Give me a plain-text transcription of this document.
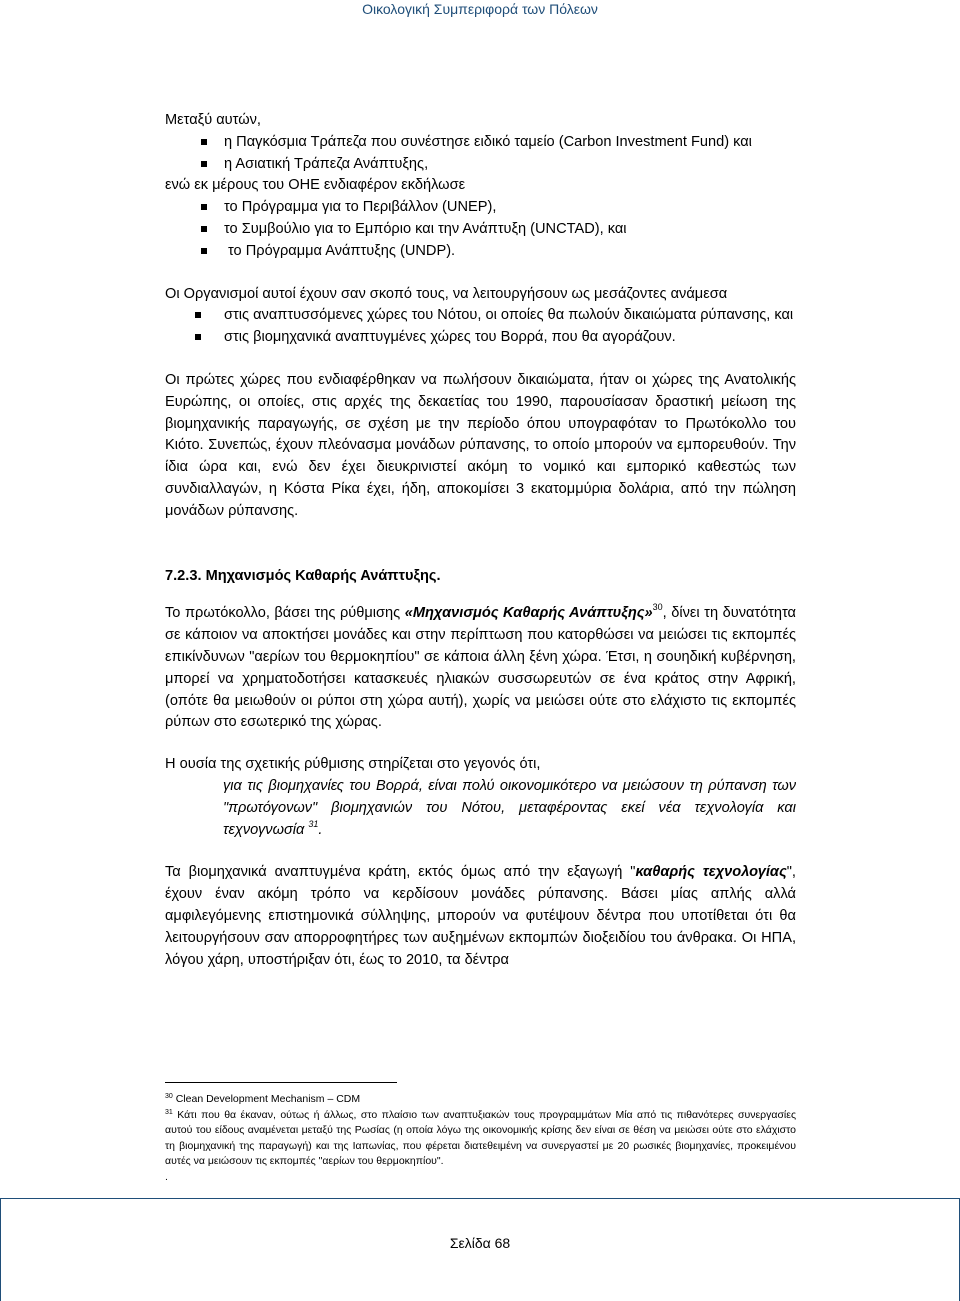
Οικολογική Συμπεριφορά των Πόλεων

Μεταξύ αυτών,

η Παγκόσμια Τράπεζα που συνέστησε ειδικό ταμείο (Carbon Investment Fund) και
η Ασιατική Τράπεζα Ανάπτυξης,

ενώ εκ μέρους του ΟΗΕ ενδιαφέρον εκδήλωσε

το Πρόγραμμα για το Περιβάλλον (UNEP),
το Συμβούλιο για το Εμπόριο και την Ανάπτυξη (UNCTAD), και
το Πρόγραμμα Ανάπτυξης (UNDP).

Οι Οργανισμοί αυτοί έχουν σαν σκοπό τους, να λειτουργήσουν ως μεσάζοντες ανάμεσα

στις αναπτυσσόμενες χώρες του Νότου, οι οποίες θα πωλούν δικαιώματα ρύπανσης, και
στις βιομηχανικά αναπτυγμένες χώρες του Βορρά, που θα αγοράζουν.

Οι πρώτες χώρες που ενδιαφέρθηκαν να πωλήσουν δικαιώματα, ήταν οι χώρες της Ανατολικής Ευρώπης, οι οποίες, στις αρχές της δεκαετίας του 1990, παρουσίασαν δραστική μείωση της βιομηχανικής παραγωγής, σε σχέση με την περίοδο όπου υπογραφόταν το Πρωτόκολλο του Κιότο. Συνεπώς, έχουν πλεόνασμα μονάδων ρύπανσης, το οποίο μπορούν να εμπορευθούν. Την ίδια ώρα και, ενώ δεν έχει διευκρινιστεί ακόμη το νομικό και εμπορικό καθεστώς των συνδιαλλαγών, η Κόστα Ρίκα έχει, ήδη, αποκομίσει 3 εκατομμύρια δολάρια, από την πώληση μονάδων ρύπανσης.

7.2.3. Μηχανισμός Καθαρής Ανάπτυξης.

Το πρωτόκολλο, βάσει της ρύθμισης «Μηχανισμός Καθαρής Ανάπτυξης»$^{30}$, δίνει τη δυνατότητα σε κάποιον να αποκτήσει μονάδες και στην περίπτωση που κατορθώσει να μειώσει τις εκπομπές επικίνδυνων "αερίων του θερμοκηπίου" σε κάποια άλλη ξένη χώρα. Έτσι, η σουηδική κυβέρνηση, μπορεί να χρηματοδοτήσει κατασκευές ηλιακών συσσωρευτών σε ένα κράτος στην Αφρική, (οπότε θα μειωθούν οι ρύποι στη χώρα αυτή), χωρίς να μειώσει ούτε στο ελάχιστο τις εκπομπές ρύπων στο εσωτερικό της χώρας.

Η ουσία της σχετικής ρύθμισης στηρίζεται στο γεγονός ότι,

για τις βιομηχανίες του Βορρά, είναι πολύ οικονομικότερο να μειώσουν τη ρύπανση των "πρωτόγονων" βιομηχανιών του Νότου, μεταφέροντας εκεί νέα τεχνολογία και τεχνογνωσία $^{31}$.

Τα βιομηχανικά αναπτυγμένα κράτη, εκτός όμως από την εξαγωγή "καθαρής τεχνολογίας", έχουν έναν ακόμη τρόπο να κερδίσουν μονάδες ρύπανσης. Βάσει μίας απλής αλλά αμφιλεγόμενης επιστημονικά σύλληψης, μπορούν να φυτέψουν δέντρα που υποτίθεται ότι θα λειτουργήσουν σαν απορροφητήρες των αυξημένων εκπομπών διοξειδίου του άνθρακα. Οι ΗΠΑ, λόγου χάρη, υποστήριξαν ότι, έως το 2010, τα δέντρα

$^{30}$ Clean Development Mechanism – CDM

$^{31}$ Κάτι που θα έκαναν, ούτως ή άλλως, στο πλαίσιο των αναπτυξιακών τους προγραμμάτων Μία από τις πιθανότερες συνεργασίες αυτού του είδους αναμένεται μεταξύ της Ρωσίας (η οποία λόγω της οικονομικής κρίσης δεν είναι σε θέση να μειώσει ούτε στο ελάχιστο τη βιομηχανική της παραγωγή) και της Ιαπωνίας, που φέρεται διατεθειμένη να συνεργαστεί με 20 ρωσικές βιομηχανίες, προκειμένου αυτές να μειώσουν τις εκπομπές "αερίων του θερμοκηπίου".

.

Σελίδα 68
